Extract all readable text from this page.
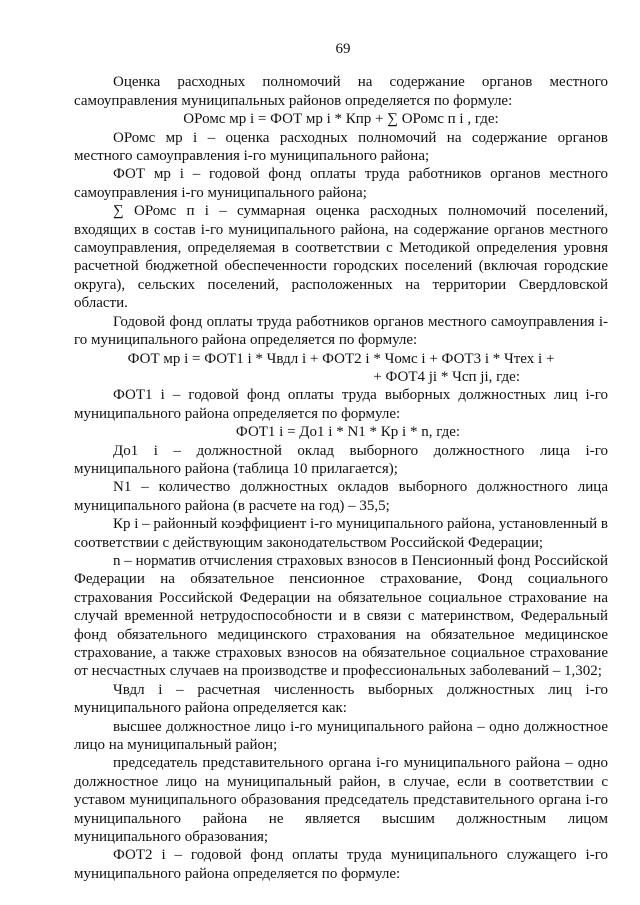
69

Оценка расходных полномочий на содержание органов местного самоуправления муниципальных районов определяется по формуле:

ОРомс мр i = ФОТ мр i * Кпр + ∑ ОРомс п i , где:

ОРомс мр i – оценка расходных полномочий на содержание органов местного самоуправления i-го муниципального района;

ФОТ мр i – годовой фонд оплаты труда работников органов местного самоуправления i-го муниципального района;

∑ ОРомс п i – суммарная оценка расходных полномочий поселений, входящих в состав i-го муниципального района, на содержание органов местного самоуправления, определяемая в соответствии с Методикой определения уровня расчетной бюджетной обеспеченности городских поселений (включая городские округа), сельских поселений, расположенных на территории Свердловской области.

Годовой фонд оплаты труда работников органов местного самоуправления i-го муниципального района определяется по формуле:

ФОТ мр i = ФОТ1 i * Чвдл i + ФОТ2 i * Чомс i + ФОТ3 i * Чтех i +

+ ФОТ4 ji * Чсп ji, где:

ФОТ1 i – годовой фонд оплаты труда выборных должностных лиц i-го муниципального района определяется по формуле:

ФОТ1 i = До1 i * N1 * Кр i * n, где:

До1 i – должностной оклад выборного должностного лица i-го муниципального района (таблица 10 прилагается);

N1 – количество должностных окладов выборного должностного лица муниципального района (в расчете на год) – 35,5;

Кр i – районный коэффициент i-го муниципального района, установленный в соответствии с действующим законодательством Российской Федерации;

n – норматив отчисления страховых взносов в Пенсионный фонд Российской Федерации на обязательное пенсионное страхование, Фонд социального страхования Российской Федерации на обязательное социальное страхование на случай временной нетрудоспособности и в связи с материнством, Федеральный фонд обязательного медицинского страхования на обязательное медицинское страхование, а также страховых взносов на обязательное социальное страхование от несчастных случаев на производстве и профессиональных заболеваний – 1,302;

Чвдл i – расчетная численность выборных должностных лиц i-го муниципального района определяется как:

высшее должностное лицо i-го муниципального района – одно должностное лицо на муниципальный район;

председатель представительного органа i-го муниципального района – одно должностное лицо на муниципальный район, в случае, если в соответствии с уставом муниципального образования председатель представительного органа i-го муниципального района не является высшим должностным лицом муниципального образования;

ФОТ2 i – годовой фонд оплаты труда муниципального служащего i-го муниципального района определяется по формуле:
